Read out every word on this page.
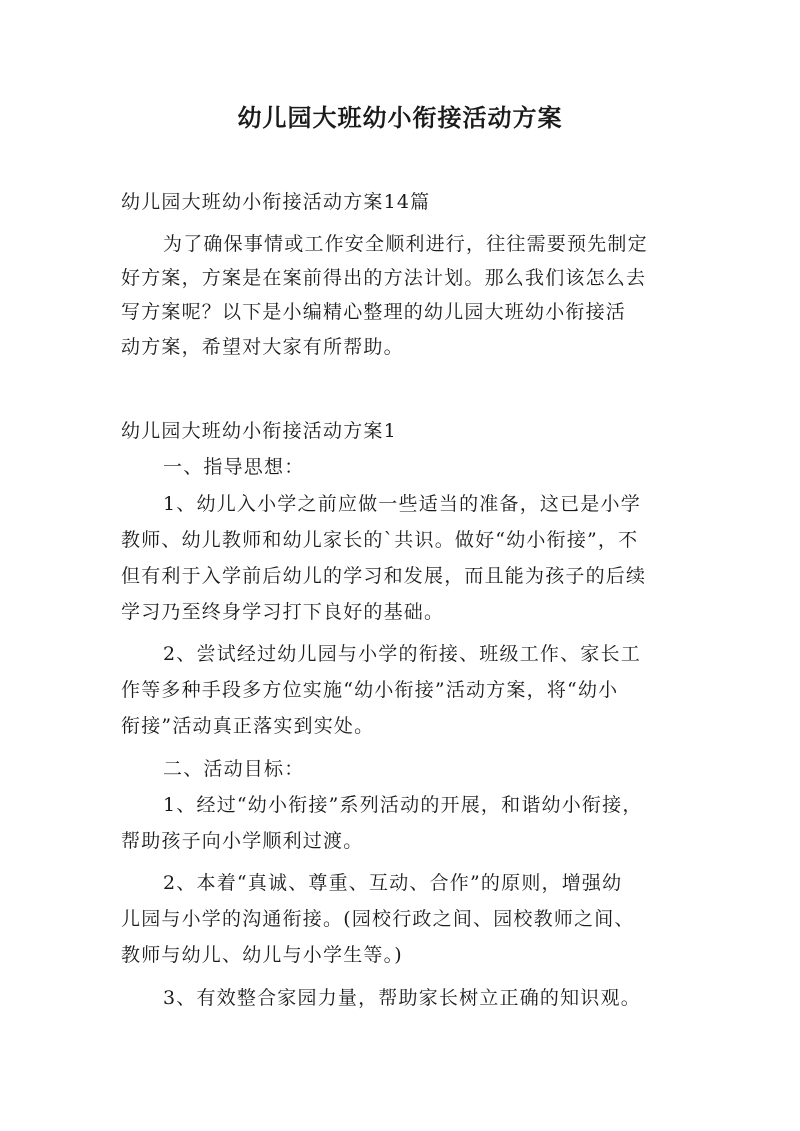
幼儿园大班幼小衔接活动方案

幼儿园大班幼小衔接活动方案14篇

为了确保事情或工作安全顺利进行，往往需要预先制定

好方案，方案是在案前得出的方法计划。那么我们该怎么去

写方案呢？以下是小编精心整理的幼儿园大班幼小衔接活

动方案，希望对大家有所帮助。

幼儿园大班幼小衔接活动方案1

一、指导思想：

1、幼儿入小学之前应做一些适当的准备，这已是小学

教师、幼儿教师和幼儿家长的`共识。做好“幼小衔接”，不

但有利于入学前后幼儿的学习和发展，而且能为孩子的后续

学习乃至终身学习打下良好的基础。

2、尝试经过幼儿园与小学的衔接、班级工作、家长工

作等多种手段多方位实施“幼小衔接”活动方案，将“幼小

衔接”活动真正落实到实处。

二、活动目标：

1、经过“幼小衔接”系列活动的开展，和谐幼小衔接，

帮助孩子向小学顺利过渡。

2、本着“真诚、尊重、互动、合作”的原则，增强幼

儿园与小学的沟通衔接。(园校行政之间、园校教师之间、

教师与幼儿、幼儿与小学生等。)

3、有效整合家园力量，帮助家长树立正确的知识观。
